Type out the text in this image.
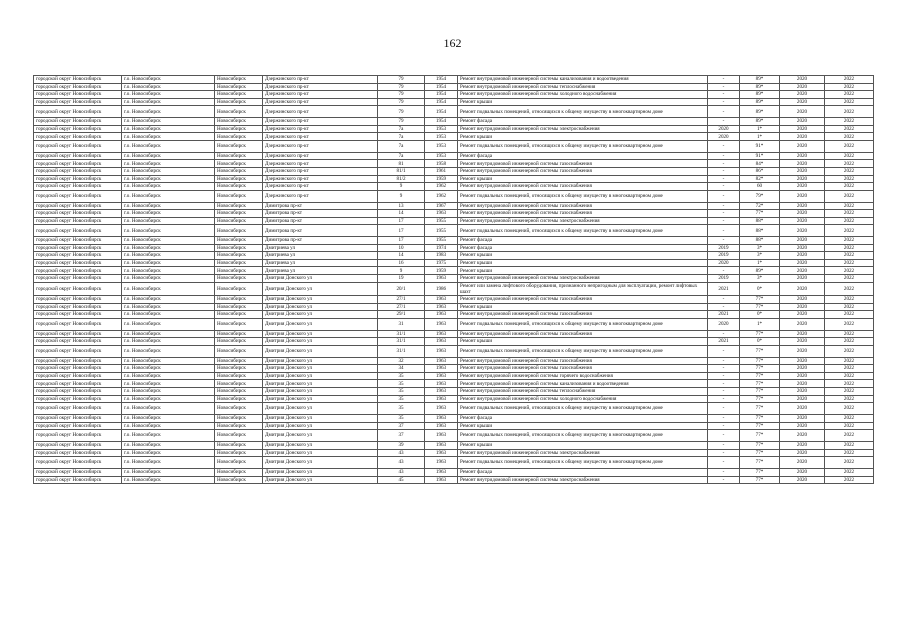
162
городской округ Новосибирск	г.о. Новосибирск	Новосибирск	Дзержинского пр-кт	79	1954	Ремонт внутридомовой инженерной системы канализования и водоотведения	-	89*	2020	2022
городской округ Новосибирск	г.о. Новосибирск	Новосибирск	Дзержинского пр-кт	79	1954	Ремонт внутридомовой инженерной системы теплоснабжения	-	89*	2020	2022
городской округ Новосибирск	г.о. Новосибирск	Новосибирск	Дзержинского пр-кт	79	1954	Ремонт внутридомовой инженерной системы холодного водоснабжения	-	89*	2020	2022
городской округ Новосибирск	г.о. Новосибирск	Новосибирск	Дзержинского пр-кт	79	1954	Ремонт крыши	-	89*	2020	2022
городской округ Новосибирск	г.о. Новосибирск	Новосибирск	Дзержинского пр-кт	79	1954	Ремонт подвальных помещений, относящихся к общему имуществу в многоквартирном доме	-	89*	2020	2022
городской округ Новосибирск	г.о. Новосибирск	Новосибирск	Дзержинского пр-кт	79	1954	Ремонт фасада	-	89*	2020	2022
городской округ Новосибирск	г.о. Новосибирск	Новосибирск	Дзержинского пр-кт	7а	1953	Ремонт внутридомовой инженерной системы электроснабжения	2020	1*	2020	2022
городской округ Новосибирск	г.о. Новосибирск	Новосибирск	Дзержинского пр-кт	7а	1953	Ремонт крыши	2020	1*	2020	2022
городской округ Новосибирск	г.о. Новосибирск	Новосибирск	Дзержинского пр-кт	7а	1953	Ремонт подвальных помещений, относящихся к общему имуществу в многоквартирном доме	-	91*	2020	2022
городской округ Новосибирск	г.о. Новосибирск	Новосибирск	Дзержинского пр-кт	7а	1953	Ремонт фасада	-	91*	2020	2022
городской округ Новосибирск	г.о. Новосибирск	Новосибирск	Дзержинского пр-кт	81	1958	Ремонт внутридомовой инженерной системы газоснабжения	-	84*	2020	2022
городской округ Новосибирск	г.о. Новосибирск	Новосибирск	Дзержинского пр-кт	81/1	1961	Ремонт внутридомовой инженерной системы газоснабжения	-	86*	2020	2022
городской округ Новосибирск	г.о. Новосибирск	Новосибирск	Дзержинского пр-кт	81/2	1959	Ремонт крыши	-	82*	2020	2022
городской округ Новосибирск	г.о. Новосибирск	Новосибирск	Дзержинского пр-кт	9	1962	Ремонт внутридомовой инженерной системы газоснабжения	-	60	2020	2022
городской округ Новосибирск	г.о. Новосибирск	Новосибирск	Дзержинского пр-кт	9	1962	Ремонт подвальных помещений, относящихся к общему имуществу в многоквартирном доме	-	79*	2020	2022
городской округ Новосибирск	г.о. Новосибирск	Новосибирск	Димитрова пр-кт	13	1967	Ремонт внутридомовой инженерной системы газоснабжения	-	72*	2020	2022
городской округ Новосибирск	г.о. Новосибирск	Новосибирск	Димитрова пр-кт	14	1963	Ремонт внутридомовой инженерной системы газоснабжения	-	77*	2020	2022
городской округ Новосибирск	г.о. Новосибирск	Новосибирск	Димитрова пр-кт	17	1955	Ремонт внутридомовой инженерной системы электроснабжения	-	88*	2020	2022
городской округ Новосибирск	г.о. Новосибирск	Новосибирск	Димитрова пр-кт	17	1955	Ремонт подвальных помещений, относящихся к общему имуществу в многоквартирном доме	-	88*	2020	2022
городской округ Новосибирск	г.о. Новосибирск	Новосибирск	Димитрова пр-кт	17	1955	Ремонт фасада	-	88*	2020	2022
городской округ Новосибирск	г.о. Новосибирск	Новосибирск	Дмитриева ул	10	1974	Ремонт фасада	2019	3*	2020	2022
городской округ Новосибирск	г.о. Новосибирск	Новосибирск	Дмитриева ул	14	1983	Ремонт крыши	2019	3*	2020	2022
городской округ Новосибирск	г.о. Новосибирск	Новосибирск	Дмитриева ул	16	1975	Ремонт крыши	2020	1*	2020	2022
городской округ Новосибирск	г.о. Новосибирск	Новосибирск	Дмитриева ул	9	1959	Ремонт крыши	-	89*	2020	2022
городской округ Новосибирск	г.о. Новосибирск	Новосибирск	Дмитрия Донского ул	19	1963	Ремонт внутридомовой инженерной системы электроснабжения	2019	3*	2020	2022
городской округ Новосибирск	г.о. Новосибирск	Новосибирск	Дмитрия Донского ул	20/1	1986	Ремонт или замена лифтового оборудования, признанного непригодным для эксплуатации, ремонт лифтовых шахт	2021	0*	2020	2022
городской округ Новосибирск	г.о. Новосибирск	Новосибирск	Дмитрия Донского ул	27/1	1963	Ремонт внутридомовой инженерной системы газоснабжения	-	77*	2020	2022
городской округ Новосибирск	г.о. Новосибирск	Новосибирск	Дмитрия Донского ул	27/1	1963	Ремонт крыши	-	77*	2020	2022
городской округ Новосибирск	г.о. Новосибирск	Новосибирск	Дмитрия Донского ул	29/1	1963	Ремонт внутридомовой инженерной системы газоснабжения	2021	0*	2020	2022
городской округ Новосибирск	г.о. Новосибирск	Новосибирск	Дмитрия Донского ул	31	1963	Ремонт подвальных помещений, относящихся к общему имуществу в многоквартирном доме	2020	1*	2020	2022
городской округ Новосибирск	г.о. Новосибирск	Новосибирск	Дмитрия Донского ул	31/1	1963	Ремонт внутридомовой инженерной системы газоснабжения	-	77*	2020	2022
городской округ Новосибирск	г.о. Новосибирск	Новосибирск	Дмитрия Донского ул	31/1	1963	Ремонт крыши	2021	0*	2020	2022
городской округ Новосибирск	г.о. Новосибирск	Новосибирск	Дмитрия Донского ул	31/1	1963	Ремонт подвальных помещений, относящихся к общему имуществу в многоквартирном доме	-	77*	2020	2022
городской округ Новосибирск	г.о. Новосибирск	Новосибирск	Дмитрия Донского ул	32	1963	Ремонт внутридомовой инженерной системы газоснабжения	-	77*	2020	2022
городской округ Новосибирск	г.о. Новосибирск	Новосибирск	Дмитрия Донского ул	34	1963	Ремонт внутридомовой инженерной системы газоснабжения	-	77*	2020	2022
городской округ Новосибирск	г.о. Новосибирск	Новосибирск	Дмитрия Донского ул	35	1963	Ремонт внутридомовой инженерной системы горячего водоснабжения	-	77*	2020	2022
городской округ Новосибирск	г.о. Новосибирск	Новосибирск	Дмитрия Донского ул	35	1963	Ремонт внутридомовой инженерной системы канализования и водоотведения	-	77*	2020	2022
городской округ Новосибирск	г.о. Новосибирск	Новосибирск	Дмитрия Донского ул	35	1963	Ремонт внутридомовой инженерной системы теплоснабжения	-	77*	2020	2022
городской округ Новосибирск	г.о. Новосибирск	Новосибирск	Дмитрия Донского ул	35	1963	Ремонт внутридомовой инженерной системы холодного водоснабжения	-	77*	2020	2022
городской округ Новосибирск	г.о. Новосибирск	Новосибирск	Дмитрия Донского ул	35	1963	Ремонт подвальных помещений, относящихся к общему имуществу в многоквартирном доме	-	77*	2020	2022
городской округ Новосибирск	г.о. Новосибирск	Новосибирск	Дмитрия Донского ул	35	1963	Ремонт фасада	-	77*	2020	2022
городской округ Новосибирск	г.о. Новосибирск	Новосибирск	Дмитрия Донского ул	37	1963	Ремонт крыши	-	77*	2020	2022
городской округ Новосибирск	г.о. Новосибирск	Новосибирск	Дмитрия Донского ул	37	1963	Ремонт подвальных помещений, относящихся к общему имуществу в многоквартирном доме	-	77*	2020	2022
городской округ Новосибирск	г.о. Новосибирск	Новосибирск	Дмитрия Донского ул	39	1963	Ремонт крыши	-	77*	2020	2022
городской округ Новосибирск	г.о. Новосибирск	Новосибирск	Дмитрия Донского ул	43	1963	Ремонт внутридомовой инженерной системы электроснабжения	-	77*	2020	2022
городской округ Новосибирск	г.о. Новосибирск	Новосибирск	Дмитрия Донского ул	43	1963	Ремонт подвальных помещений, относящихся к общему имуществу в многоквартирном доме	-	77*	2020	2022
городской округ Новосибирск	г.о. Новосибирск	Новосибирск	Дмитрия Донского ул	43	1963	Ремонт фасада	-	77*	2020	2022
городской округ Новосибирск	г.о. Новосибирск	Новосибирск	Дмитрия Донского ул	45	1963	Ремонт внутридомовой инженерной системы электроснабжения	-	77*	2020	2022
